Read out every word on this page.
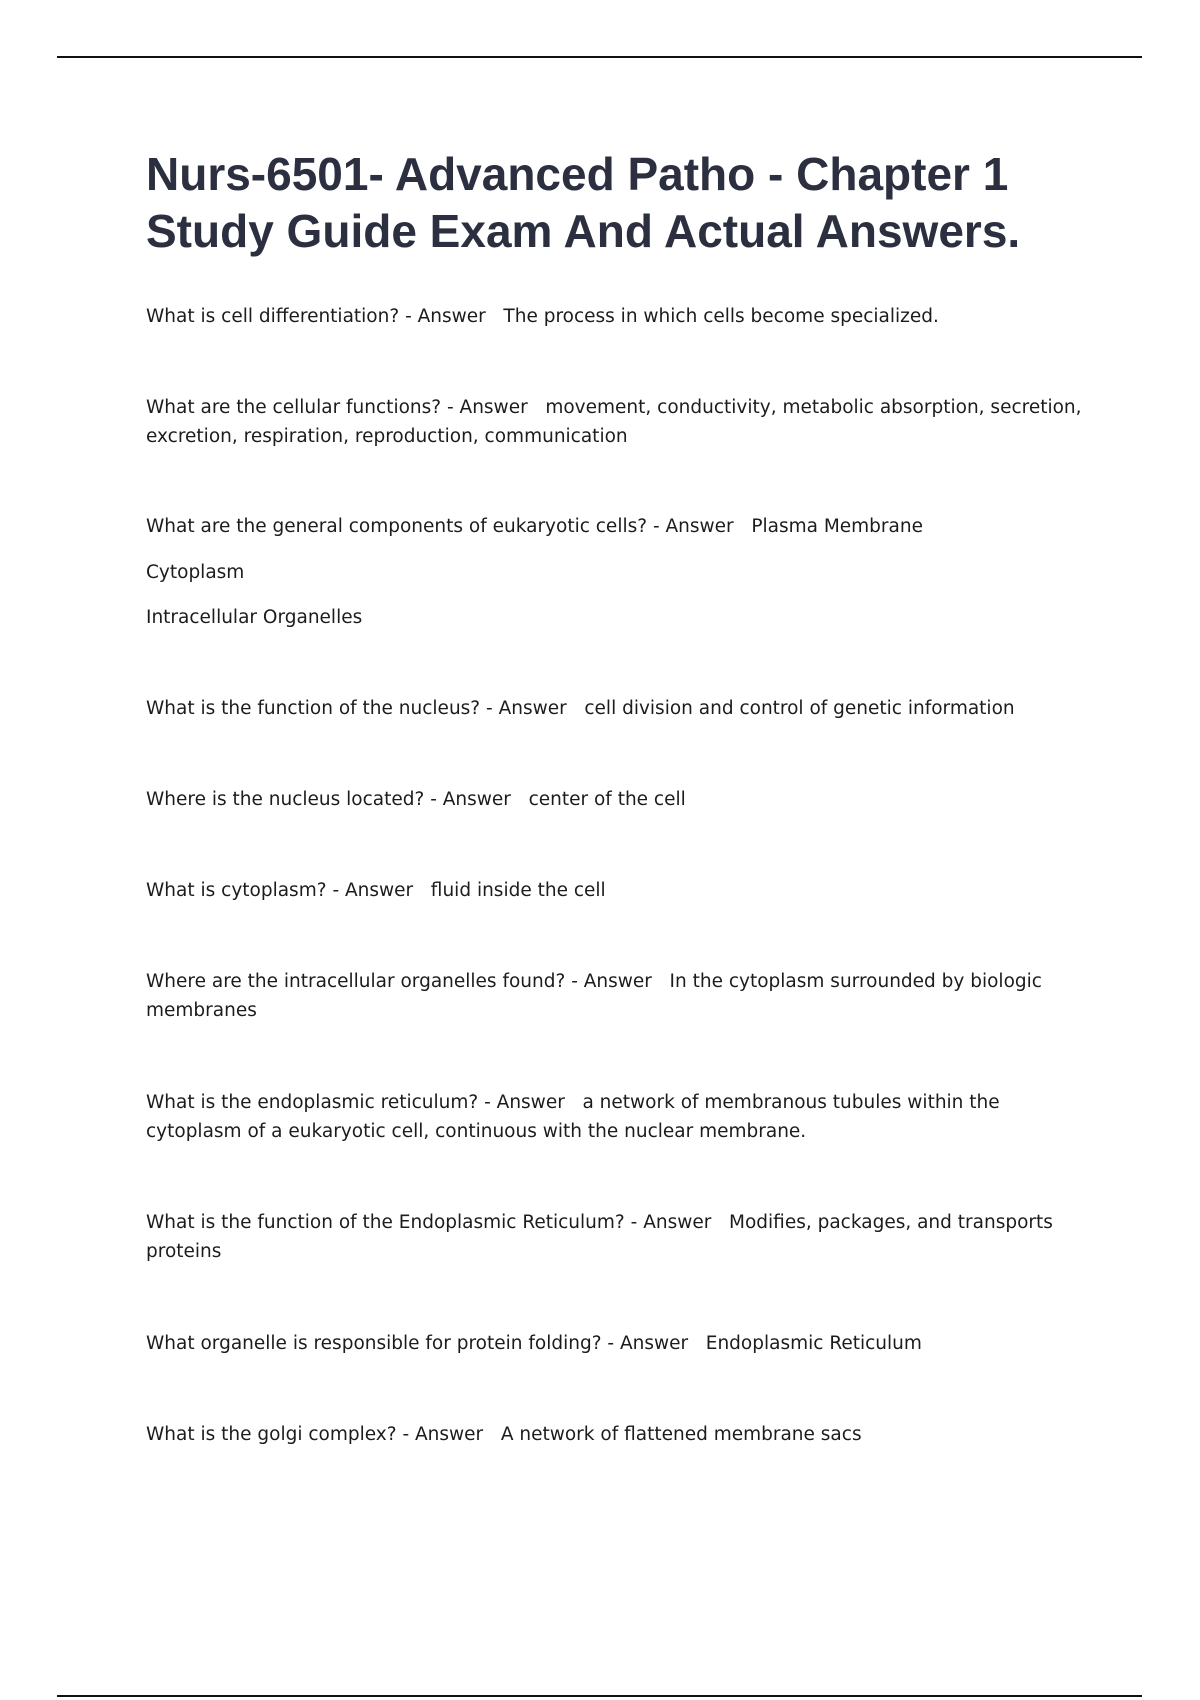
Nurs-6501- Advanced Patho - Chapter 1 Study Guide Exam And Actual Answers.

What is cell differentiation? - Answer The process in which cells become specialized.

What are the cellular functions? - Answer movement, conductivity, metabolic absorption, secretion, excretion, respiration, reproduction, communication

What are the general components of eukaryotic cells? - Answer Plasma Membrane

Cytoplasm

Intracellular Organelles

What is the function of the nucleus? - Answer cell division and control of genetic information

Where is the nucleus located? - Answer center of the cell

What is cytoplasm? - Answer fluid inside the cell

Where are the intracellular organelles found? - Answer In the cytoplasm surrounded by biologic membranes

What is the endoplasmic reticulum? - Answer a network of membranous tubules within the cytoplasm of a eukaryotic cell, continuous with the nuclear membrane.

What is the function of the Endoplasmic Reticulum? - Answer Modifies, packages, and transports proteins

What organelle is responsible for protein folding? - Answer Endoplasmic Reticulum

What is the golgi complex? - Answer A network of flattened membrane sacs
